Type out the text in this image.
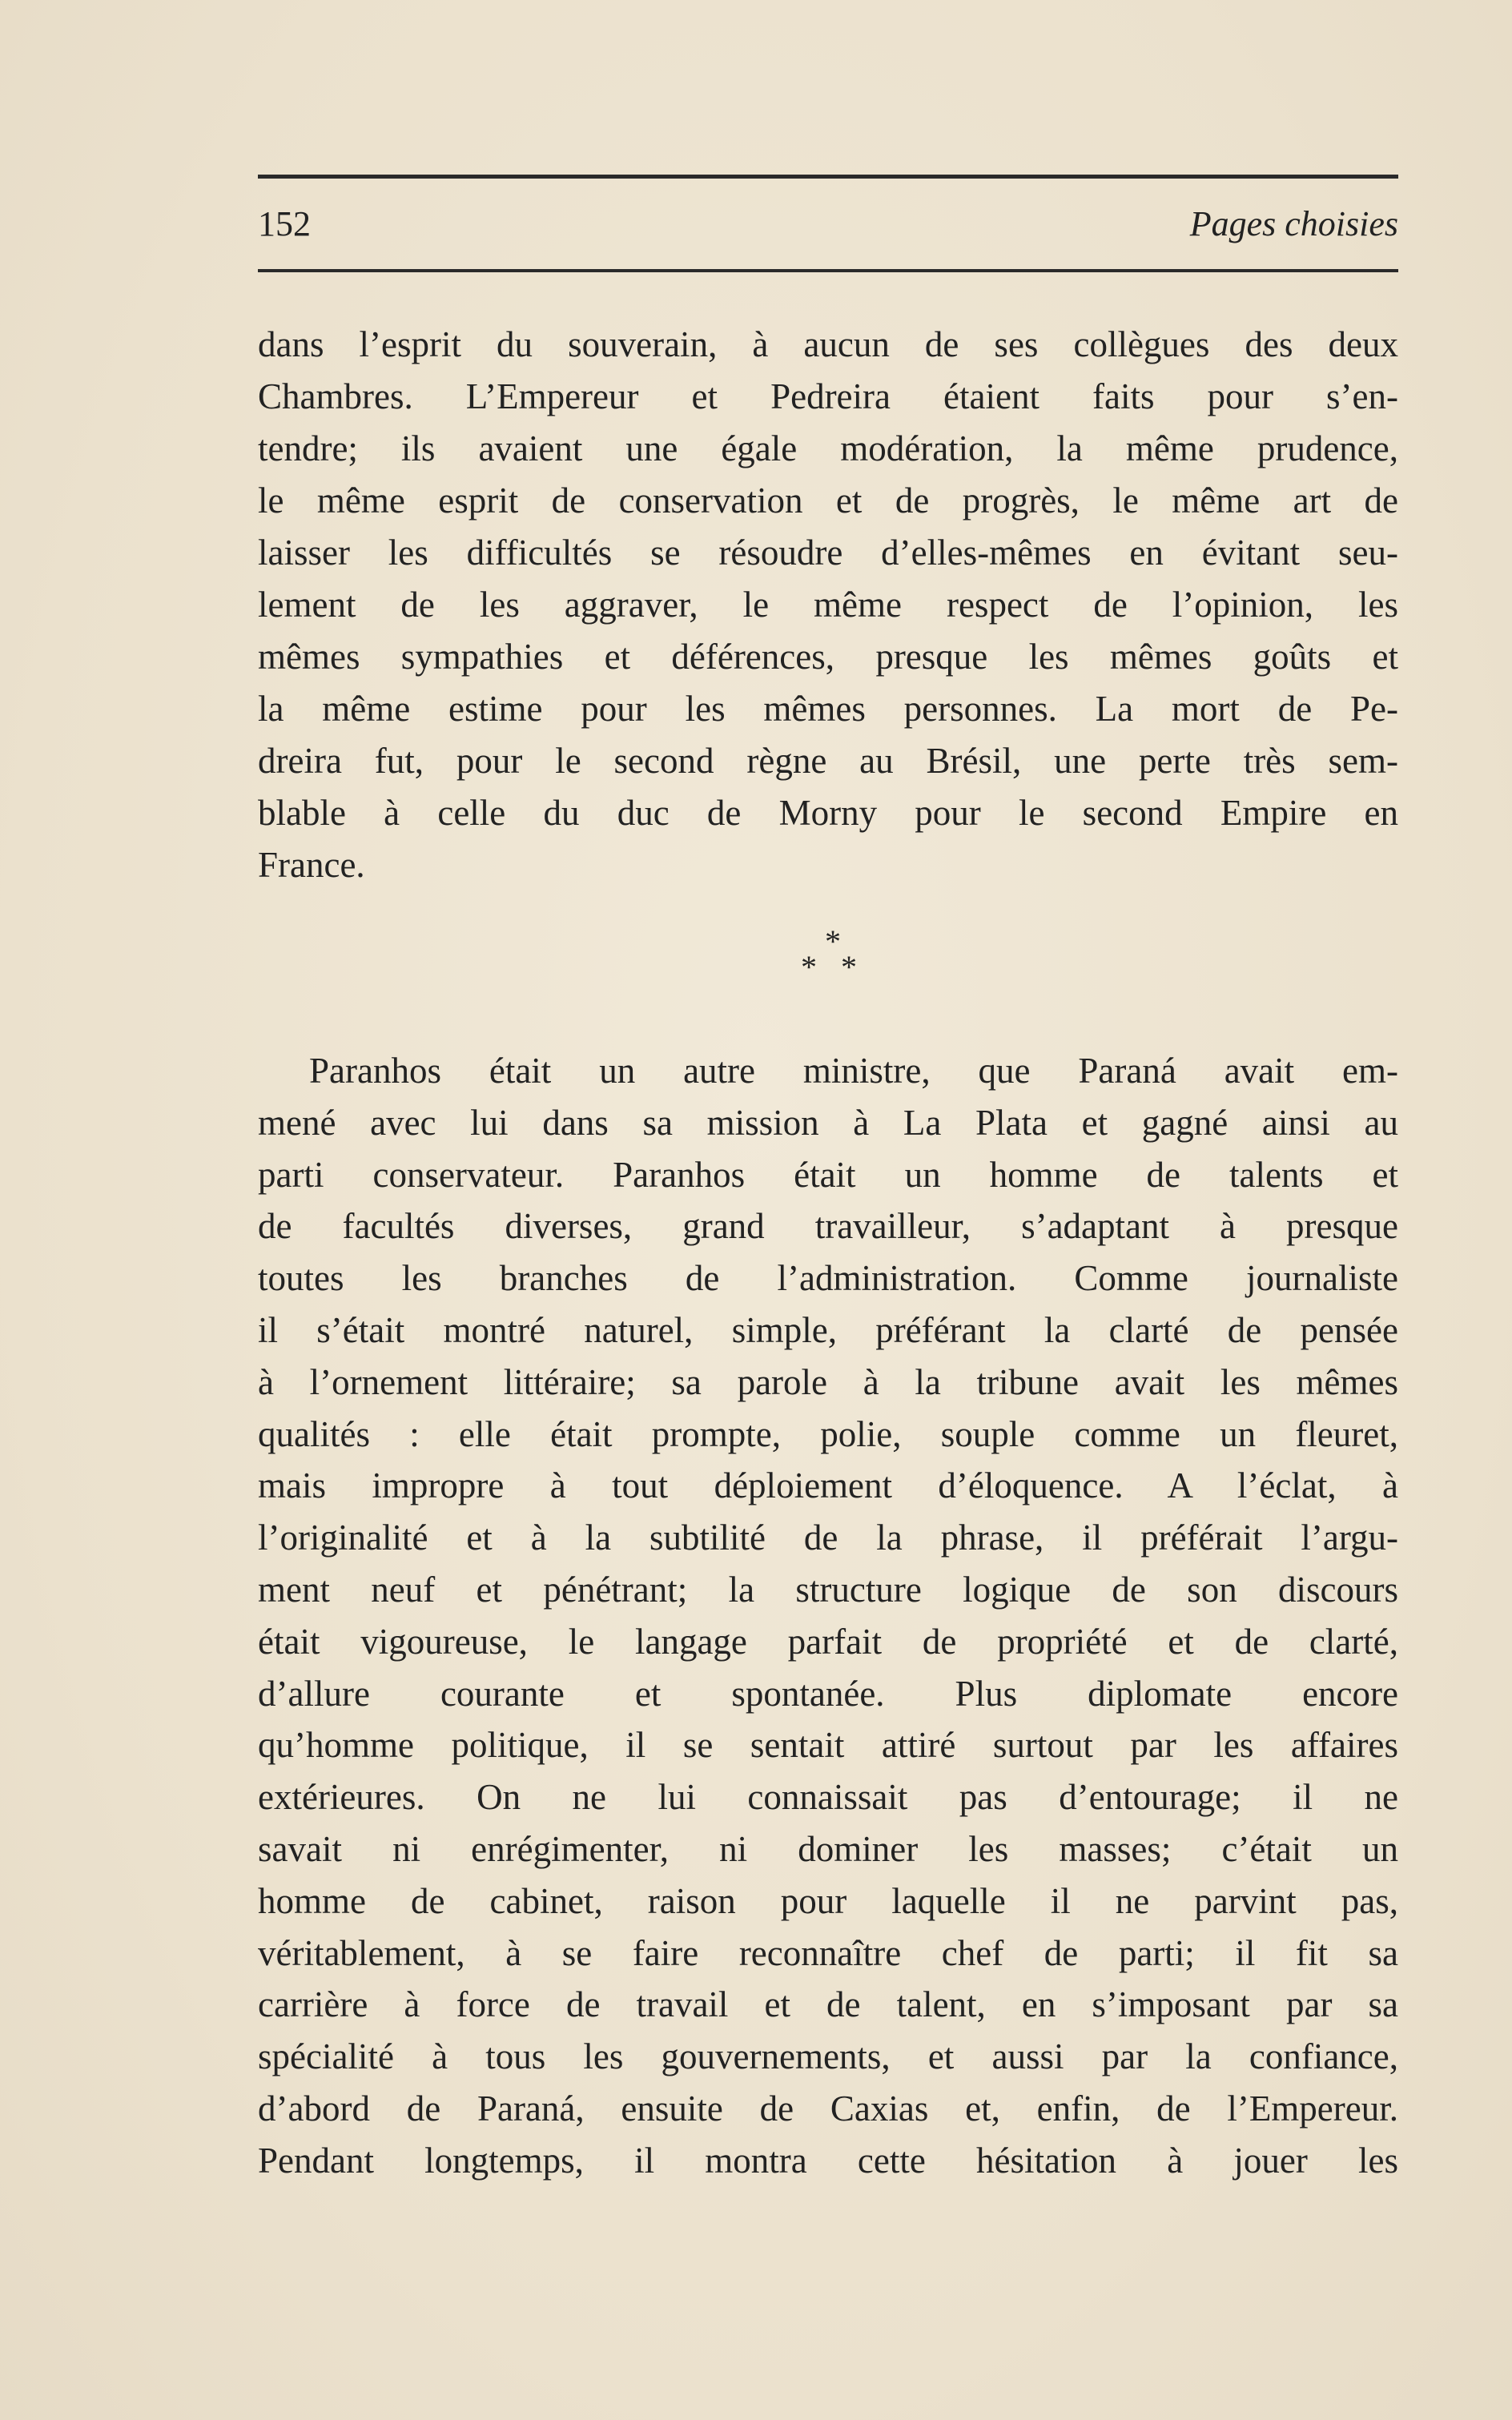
152	Pages choisies
dans l’esprit du souverain, à aucun de ses collègues des deux
Chambres. L’Empereur et Pedreira étaient faits pour s’en-
tendre; ils avaient une égale modération, la même prudence,
le même esprit de conservation et de progrès, le même art de
laisser les difficultés se résoudre d’elles-mêmes en évitant seu-
lement de les aggraver, le même respect de l’opinion, les
mêmes sympathies et déférences, presque les mêmes goûts et
la même estime pour les mêmes personnes. La mort de Pe-
dreira fut, pour le second règne au Brésil, une perte très sem-
blable à celle du duc de Morny pour le second Empire en
France.
*
* *
Paranhos était un autre ministre, que Paraná avait em-
mené avec lui dans sa mission à La Plata et gagné ainsi au
parti conservateur. Paranhos était un homme de talents et
de facultés diverses, grand travailleur, s’adaptant à presque
toutes les branches de l’administration. Comme journaliste
il s’était montré naturel, simple, préférant la clarté de pensée
à l’ornement littéraire; sa parole à la tribune avait les mêmes
qualités : elle était prompte, polie, souple comme un fleuret,
mais impropre à tout déploiement d’éloquence. A l’éclat, à
l’originalité et à la subtilité de la phrase, il préférait l’argu-
ment neuf et pénétrant; la structure logique de son discours
était vigoureuse, le langage parfait de propriété et de clarté,
d’allure courante et spontanée. Plus diplomate encore
qu’homme politique, il se sentait attiré surtout par les affaires
extérieures. On ne lui connaissait pas d’entourage; il ne
savait ni enrégimenter, ni dominer les masses; c’était un
homme de cabinet, raison pour laquelle il ne parvint pas,
véritablement, à se faire reconnaître chef de parti; il fit sa
carrière à force de travail et de talent, en s’imposant par sa
spécialité à tous les gouvernements, et aussi par la confiance,
d’abord de Paraná, ensuite de Caxias et, enfin, de l’Empereur.
Pendant longtemps, il montra cette hésitation à jouer les
